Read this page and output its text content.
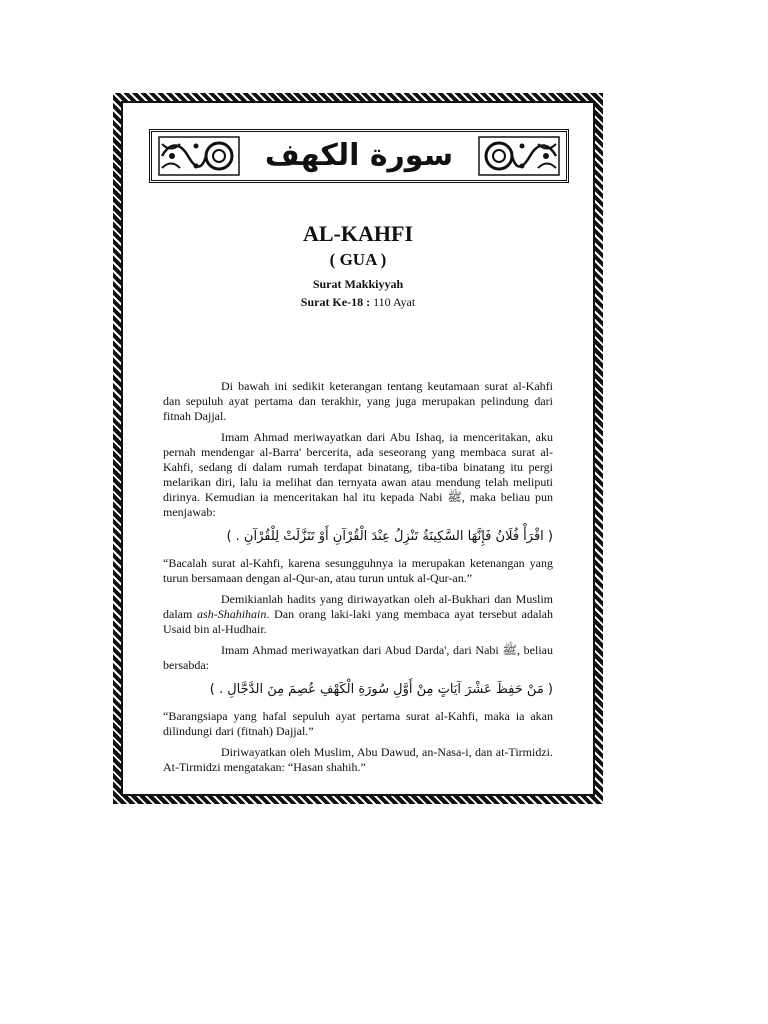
سورة الكهف
AL-KAHFI
( GUA )
Surat Makkiyyah
Surat Ke-18 : 110 Ayat

Di bawah ini sedikit keterangan tentang keutamaan surat al-Kahfi dan sepuluh ayat pertama dan terakhir, yang juga merupakan pelindung dari fitnah Dajjal.

Imam Ahmad meriwayatkan dari Abu Ishaq, ia menceritakan, aku pernah mendengar al-Barra' bercerita, ada seseorang yang membaca surat al-Kahfi, sedang di dalam rumah terdapat binatang, tiba-tiba binatang itu pergi melarikan diri, lalu ia melihat dan ternyata awan atau mendung telah meliputi dirinya. Kemudian ia menceritakan hal itu kepada Nabi ﷺ, maka beliau pun menjawab:

( اقْرَأْ فُلَانُ فَإِنَّهَا السَّكِينَةُ تَنْزِلُ عِنْدَ الْقُرْآنِ أَوْ تَنَزَّلَتْ لِلْقُرْآنِ . )

“Bacalah surat al-Kahfi, karena sesungguhnya ia merupakan ketenangan yang turun bersamaan dengan al-Qur-an, atau turun untuk al-Qur-an.”

Demikianlah hadits yang diriwayatkan oleh al-Bukhari dan Muslim dalam ash-Shahihain. Dan orang laki-laki yang membaca ayat tersebut adalah Usaid bin al-Hudhair.

Imam Ahmad meriwayatkan dari Abud Darda', dari Nabi ﷺ, beliau bersabda:

( مَنْ حَفِظَ عَشْرَ آيَاتٍ مِنْ أَوَّلِ سُورَةِ الْكَهْفِ عُصِمَ مِنَ الدَّجَّالِ . )

“Barangsiapa yang hafal sepuluh ayat pertama surat al-Kahfi, maka ia akan dilindungi dari (fitnah) Dajjal.”

Diriwayatkan oleh Muslim, Abu Dawud, an-Nasa-i, dan at-Tirmidzi. At-Tirmidzi mengatakan: “Hasan shahih.”
